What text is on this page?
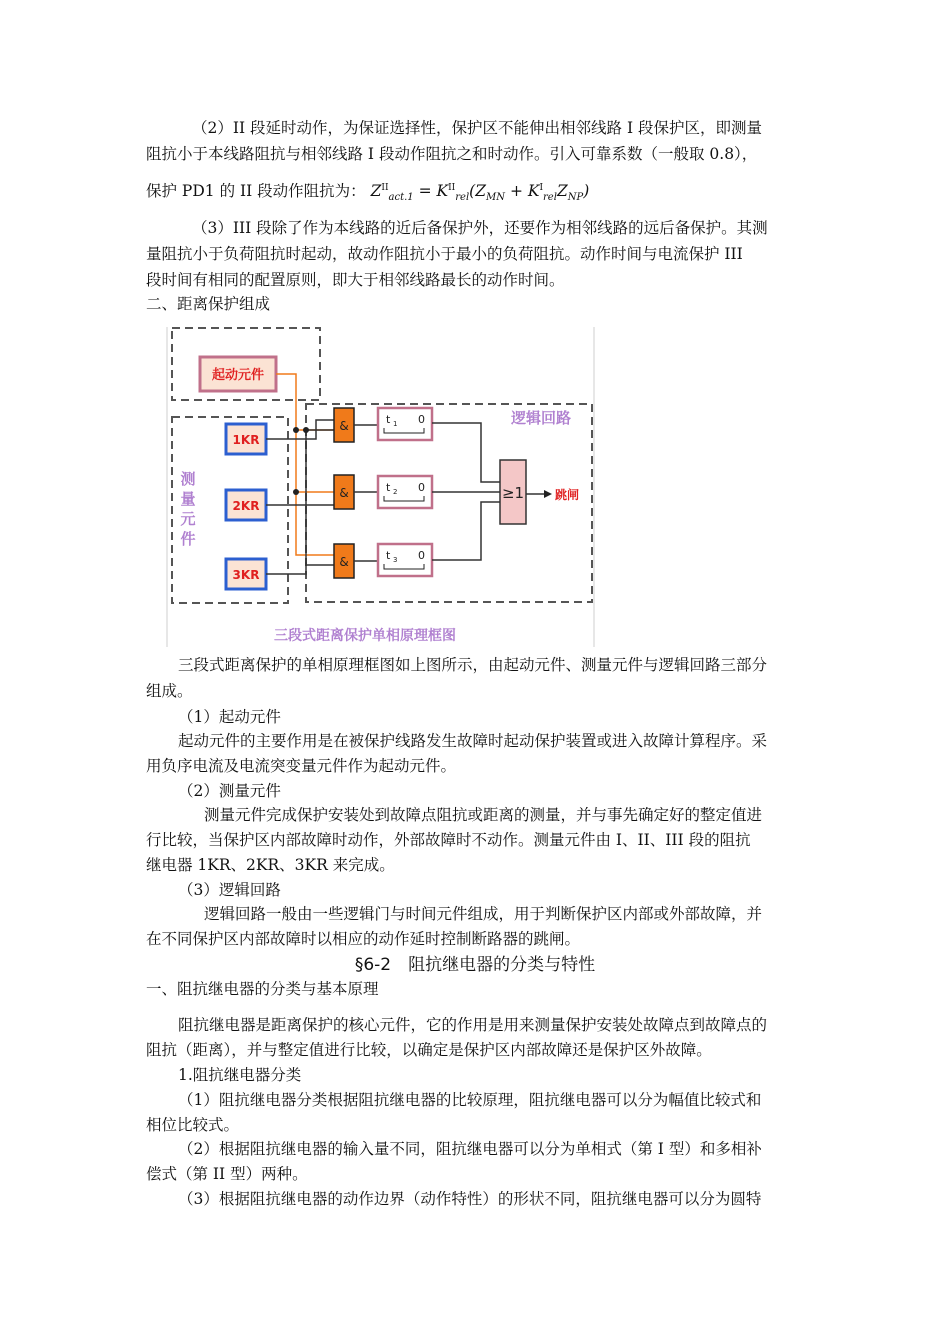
（2）II 段延时动作，为保证选择性，保护区不能伸出相邻线路 I 段保护区，即测量
阻抗小于本线路阻抗与相邻线路 I 段动作阻抗之和时动作。引入可靠系数（一般取 0.8），
保护 PD1 的 II 段动作阻抗为： $Z^{II}_{act.1} = K^{II}_{rel}(Z_{MN} + K^I_{rel}Z_{NP})$
（3）III 段除了作为本线路的近后备保护外，还要作为相邻线路的远后备保护。其测
量阻抗小于负荷阻抗时起动，故动作阻抗小于最小的负荷阻抗。动作时间与电流保护 III
段时间有相同的配置原则，即大于相邻线路最长的动作时间。
二、距离保护组成
起动元件
1KR
2KR
3KR
测
量
元
件
逻辑回路
&
&
&
t 1 0
t 2 0
t 3 0
≥1	跳闸
三段式距离保护单相原理框图
三段式距离保护的单相原理框图如上图所示，由起动元件、测量元件与逻辑回路三部分
组成。
（1）起动元件
起动元件的主要作用是在被保护线路发生故障时起动保护装置或进入故障计算程序。采
用负序电流及电流突变量元件作为起动元件。
（2）测量元件
测量元件完成保护安装处到故障点阻抗或距离的测量，并与事先确定好的整定值进
行比较，当保护区内部故障时动作，外部故障时不动作。测量元件由 I、II、III 段的阻抗
继电器 1KR、2KR、3KR 来完成。
（3）逻辑回路
逻辑回路一般由一些逻辑门与时间元件组成，用于判断保护区内部或外部故障，并
在不同保护区内部故障时以相应的动作延时控制断路器的跳闸。
§6-2　阻抗继电器的分类与特性
一、阻抗继电器的分类与基本原理
阻抗继电器是距离保护的核心元件，它的作用是用来测量保护安装处故障点到故障点的
阻抗（距离），并与整定值进行比较，以确定是保护区内部故障还是保护区外故障。
1.阻抗继电器分类
（1）阻抗继电器分类根据阻抗继电器的比较原理，阻抗继电器可以分为幅值比较式和
相位比较式。
（2）根据阻抗继电器的输入量不同，阻抗继电器可以分为单相式（第 I 型）和多相补
偿式（第 II 型）两种。
（3）根据阻抗继电器的动作边界（动作特性）的形状不同，阻抗继电器可以分为圆特
